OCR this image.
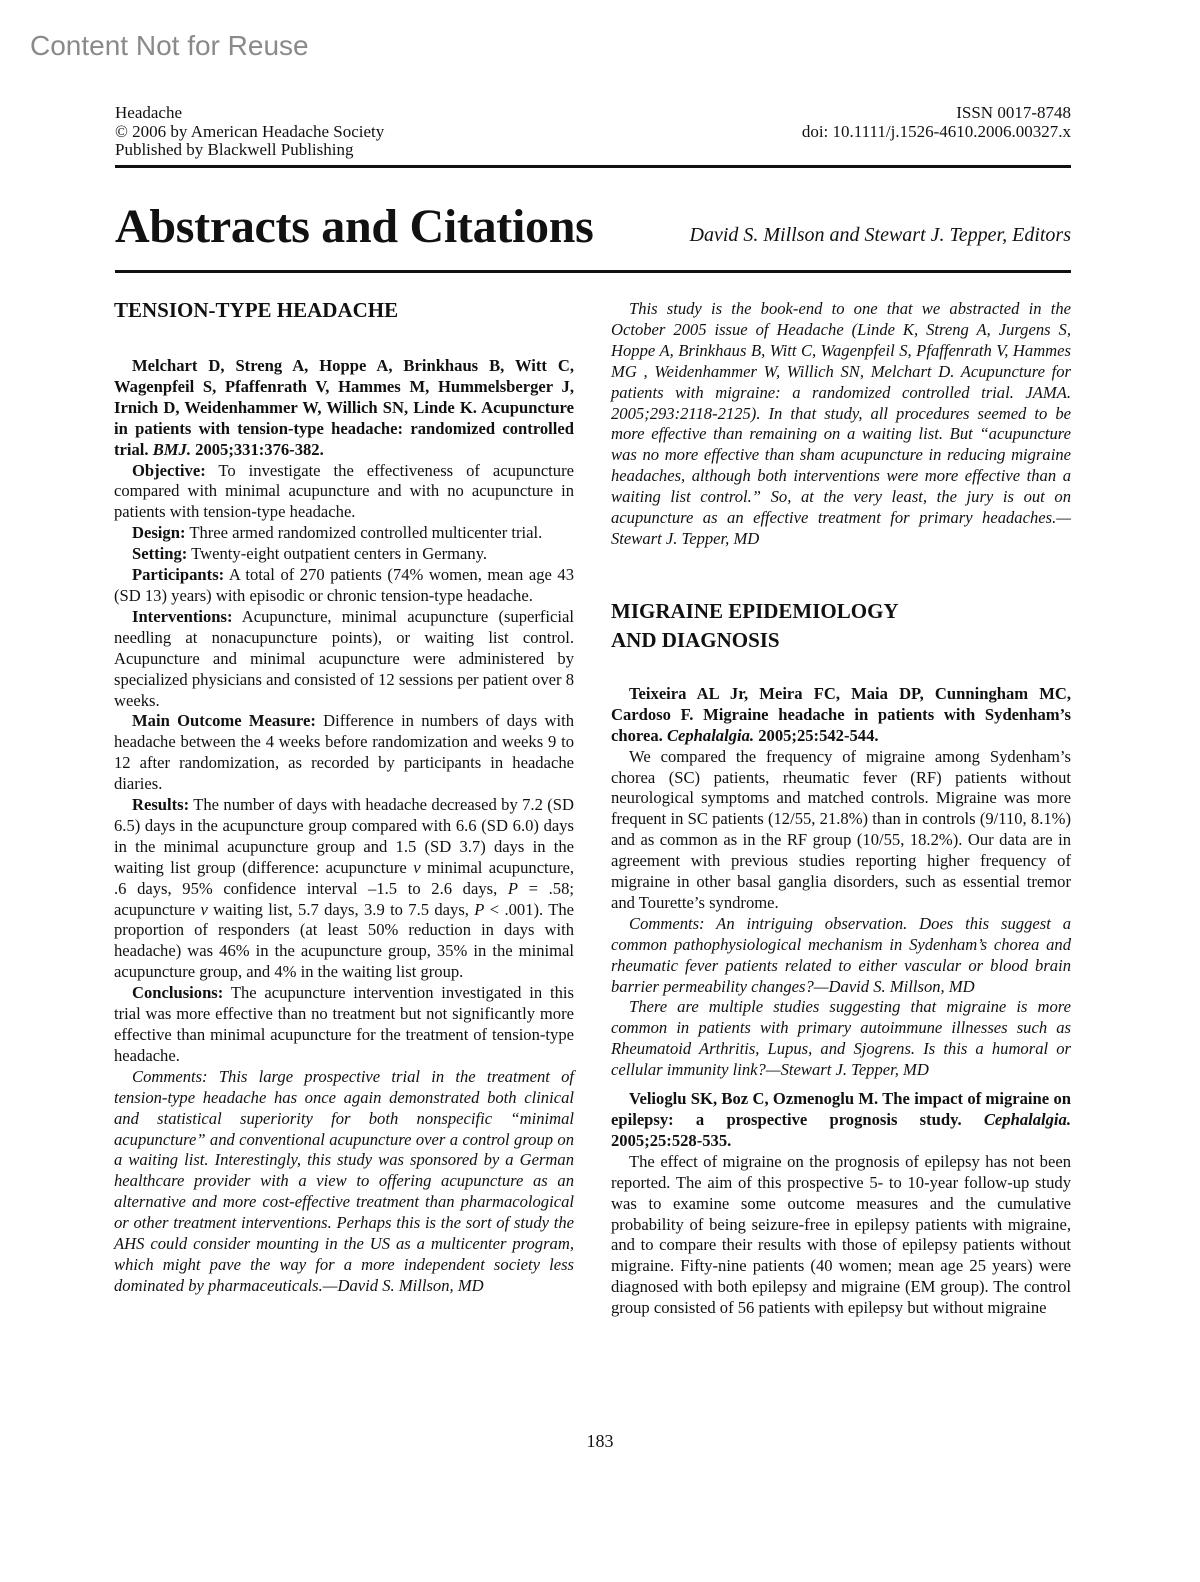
Content Not for Reuse
Headache
© 2006 by American Headache Society
Published by Blackwell Publishing
ISSN 0017-8748
doi: 10.1111/j.1526-4610.2006.00327.x
Abstracts and Citations	David S. Millson and Stewart J. Tepper, Editors

TENSION-TYPE HEADACHE

Melchart D, Streng A, Hoppe A, Brinkhaus B, Witt C, Wagenpfeil S, Pfaffenrath V, Hammes M, Hummelsberger J, Irnich D, Weidenhammer W, Willich SN, Linde K. Acupuncture in patients with tension-type headache: randomized controlled trial. BMJ. 2005;331:376-382.

Objective: To investigate the effectiveness of acupuncture compared with minimal acupuncture and with no acupuncture in patients with tension-type headache.

Design: Three armed randomized controlled multicenter trial.

Setting: Twenty-eight outpatient centers in Germany.

Participants: A total of 270 patients (74% women, mean age 43 (SD 13) years) with episodic or chronic tension-type headache.

Interventions: Acupuncture, minimal acupuncture (superficial needling at nonacupuncture points), or waiting list control. Acupuncture and minimal acupuncture were administered by specialized physicians and consisted of 12 sessions per patient over 8 weeks.

Main Outcome Measure: Difference in numbers of days with headache between the 4 weeks before randomization and weeks 9 to 12 after randomization, as recorded by participants in headache diaries.

Results: The number of days with headache decreased by 7.2 (SD 6.5) days in the acupuncture group compared with 6.6 (SD 6.0) days in the minimal acupuncture group and 1.5 (SD 3.7) days in the waiting list group (difference: acupuncture v minimal acupuncture, .6 days, 95% confidence interval –1.5 to 2.6 days, P = .58; acupuncture v waiting list, 5.7 days, 3.9 to 7.5 days, P < .001). The proportion of responders (at least 50% reduction in days with headache) was 46% in the acupuncture group, 35% in the minimal acupuncture group, and 4% in the waiting list group.

Conclusions: The acupuncture intervention investigated in this trial was more effective than no treatment but not significantly more effective than minimal acupuncture for the treatment of tension-type headache.

Comments: This large prospective trial in the treatment of tension-type headache has once again demonstrated both clinical and statistical superiority for both nonspecific “minimal acupuncture” and conventional acupuncture over a control group on a waiting list. Interestingly, this study was sponsored by a German healthcare provider with a view to offering acupuncture as an alternative and more cost-effective treatment than pharmacological or other treatment interventions. Perhaps this is the sort of study the AHS could consider mounting in the US as a multicenter program, which might pave the way for a more independent society less dominated by pharmaceuticals.—David S. Millson, MD

This study is the book-end to one that we abstracted in the October 2005 issue of Headache (Linde K, Streng A, Jurgens S, Hoppe A, Brinkhaus B, Witt C, Wagenpfeil S, Pfaffenrath V, Hammes MG , Weidenhammer W, Willich SN, Melchart D. Acupuncture for patients with migraine: a randomized controlled trial. JAMA. 2005;293:2118-2125). In that study, all procedures seemed to be more effective than remaining on a waiting list. But “acupuncture was no more effective than sham acupuncture in reducing migraine headaches, although both interventions were more effective than a waiting list control.” So, at the very least, the jury is out on acupuncture as an effective treatment for primary headaches.—Stewart J. Tepper, MD

MIGRAINE EPIDEMIOLOGY
AND DIAGNOSIS

Teixeira AL Jr, Meira FC, Maia DP, Cunningham MC, Cardoso F. Migraine headache in patients with Sydenham’s chorea. Cephalalgia. 2005;25:542-544.

We compared the frequency of migraine among Sydenham’s chorea (SC) patients, rheumatic fever (RF) patients without neurological symptoms and matched controls. Migraine was more frequent in SC patients (12/55, 21.8%) than in controls (9/110, 8.1%) and as common as in the RF group (10/55, 18.2%). Our data are in agreement with previous studies reporting higher frequency of migraine in other basal ganglia disorders, such as essential tremor and Tourette’s syndrome.

Comments: An intriguing observation. Does this suggest a common pathophysiological mechanism in Sydenham’s chorea and rheumatic fever patients related to either vascular or blood brain barrier permeability changes?—David S. Millson, MD

There are multiple studies suggesting that migraine is more common in patients with primary autoimmune illnesses such as Rheumatoid Arthritis, Lupus, and Sjogrens. Is this a humoral or cellular immunity link?—Stewart J. Tepper, MD

Velioglu SK, Boz C, Ozmenoglu M. The impact of migraine on epilepsy: a prospective prognosis study. Cephalalgia. 2005;25:528-535.

The effect of migraine on the prognosis of epilepsy has not been reported. The aim of this prospective 5- to 10-year follow-up study was to examine some outcome measures and the cumulative probability of being seizure-free in epilepsy patients with migraine, and to compare their results with those of epilepsy patients without migraine. Fifty-nine patients (40 women; mean age 25 years) were diagnosed with both epilepsy and migraine (EM group). The control group consisted of 56 patients with epilepsy but without migraine

183
